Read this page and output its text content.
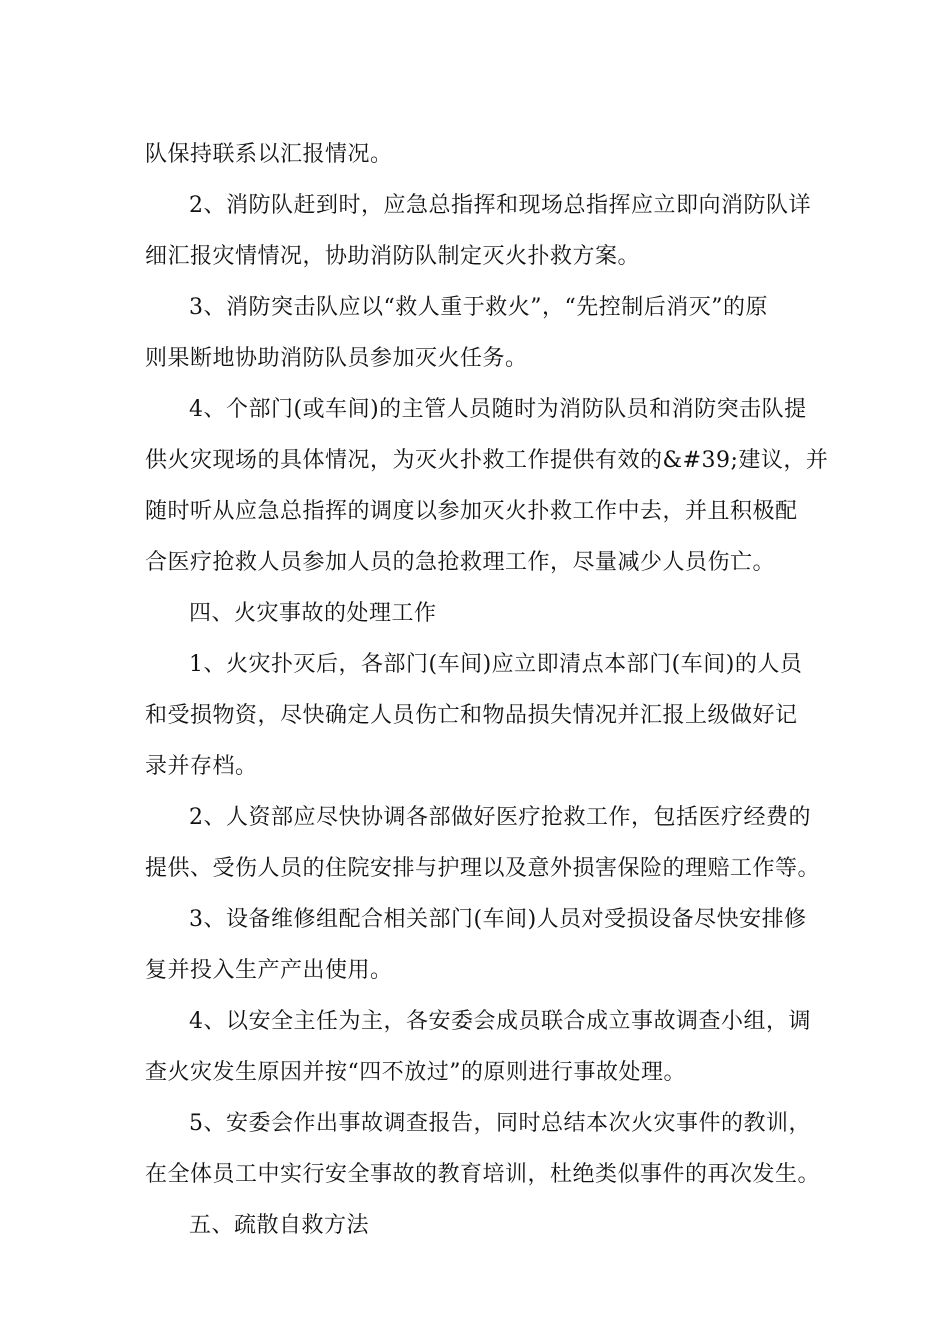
队保持联系以汇报情况。
2、消防队赶到时，应急总指挥和现场总指挥应立即向消防队详
细汇报灾情情况，协助消防队制定灭火扑救方案。
3、消防突击队应以“救人重于救火”，“先控制后消灭”的原
则果断地协助消防队员参加灭火任务。
4、个部门(或车间)的主管人员随时为消防队员和消防突击队提
供火灾现场的具体情况，为灭火扑救工作提供有效的&#39;建议，并
随时听从应急总指挥的调度以参加灭火扑救工作中去，并且积极配
合医疗抢救人员参加人员的急抢救理工作，尽量减少人员伤亡。
四、火灾事故的处理工作
1、火灾扑灭后，各部门(车间)应立即清点本部门(车间)的人员
和受损物资，尽快确定人员伤亡和物品损失情况并汇报上级做好记
录并存档。
2、人资部应尽快协调各部做好医疗抢救工作，包括医疗经费的
提供、受伤人员的住院安排与护理以及意外损害保险的理赔工作等。
3、设备维修组配合相关部门(车间)人员对受损设备尽快安排修
复并投入生产产出使用。
4、以安全主任为主，各安委会成员联合成立事故调查小组，调
查火灾发生原因并按“四不放过”的原则进行事故处理。
5、安委会作出事故调查报告，同时总结本次火灾事件的教训，
在全体员工中实行安全事故的教育培训，杜绝类似事件的再次发生。
五、疏散自救方法
